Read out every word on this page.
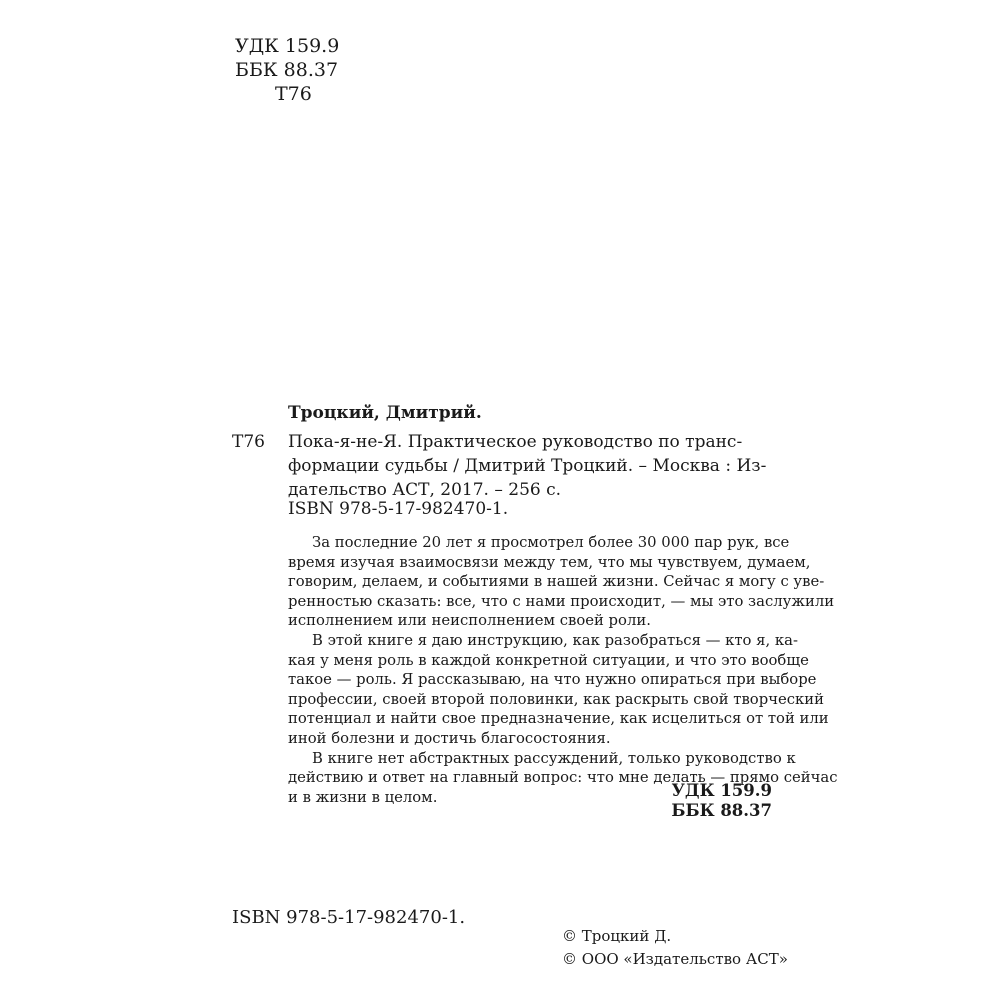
УДК 159.9
ББК 88.37
Т76
Троцкий, Дмитрий.
Т76 Пока-я-не-Я. Практическое руководство по транс-
формации судьбы / Дмитрий Троцкий. – Москва : Из-
дательство АСТ, 2017. – 256 с.
ISBN 978-5-17-982470-1.
За последние 20 лет я просмотрел более 30 000 пар рук, все
время изучая взаимосвязи между тем, что мы чувствуем, думаем,
говорим, делаем, и событиями в нашей жизни. Сейчас я могу с уве-
ренностью сказать: все, что с нами происходит, — мы это заслужили
исполнением или неисполнением своей роли.
В этой книге я даю инструкцию, как разобраться — кто я, ка-
кая у меня роль в каждой конкретной ситуации, и что это вообще
такое — роль. Я рассказываю, на что нужно опираться при выборе
профессии, своей второй половинки, как раскрыть свой творческий
потенциал и найти свое предназначение, как исцелиться от той или
иной болезни и достичь благосостояния.
В книге нет абстрактных рассуждений, только руководство к
действию и ответ на главный вопрос: что мне делать — прямо сейчас
и в жизни в целом.	УДК 159.9
ББК 88.37
ISBN 978-5-17-982470-1.
© Троцкий Д.
© ООО «Издательство АСТ»
